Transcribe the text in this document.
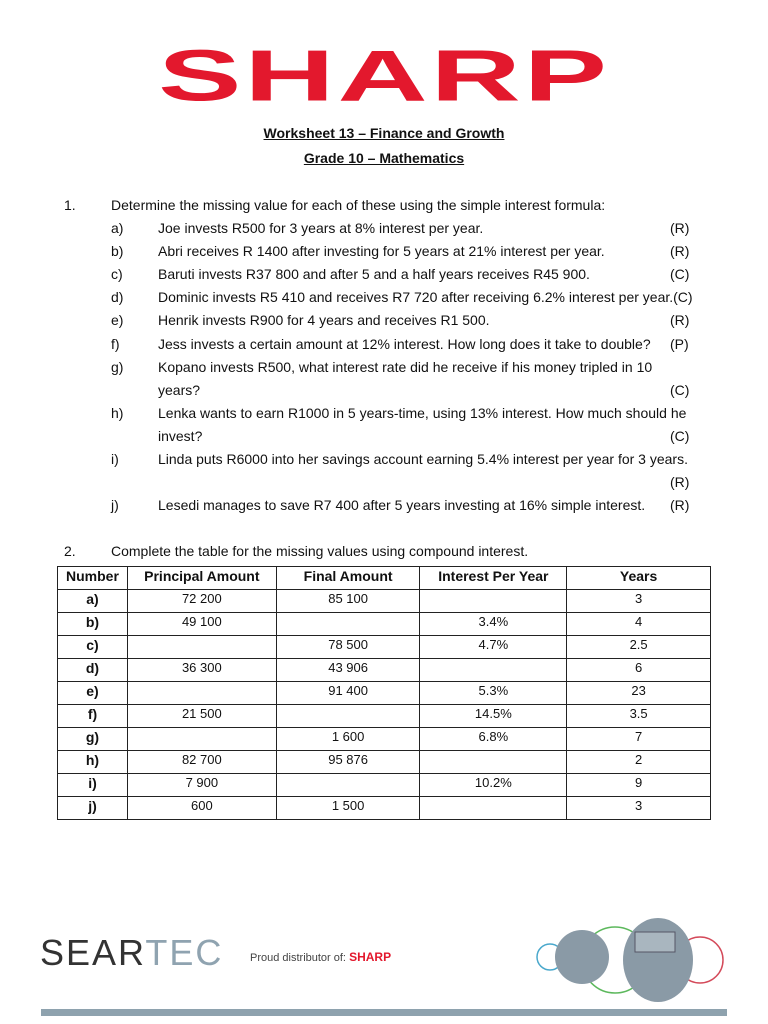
SHARP
Worksheet 13 – Finance and Growth
Grade 10 – Mathematics
1.	Determine the missing value for each of these using the simple interest formula:
a) Joe invests R500 for 3 years at 8% interest per year.	(R)
b) Abri receives R 1400 after investing for 5 years at 21% interest per year.	(R)
c)	Baruti invests R37 800 and after 5 and a half years receives R45 900.	(C)
d) Dominic invests R5 410 and receives R7 720 after receiving 6.2% interest per year.(C)
e) Henrik invests R900 for 4 years and receives R1 500.	(R)
f)	Jess invests a certain amount at 12% interest. How long does it take to double? (P)
g) Kopano invests R500, what interest rate did he receive if his money tripled in 10
years?	(C)
h) Lenka wants to earn R1000 in 5 years-time, using 13% interest. How much should he
invest?	(C)
i)	Linda puts R6000 into her savings account earning 5.4% interest per year for 3 years.
(R)
j)	Lesedi manages to save R7 400 after 5 years investing at 16% simple interest. (R)
2.	Complete the table for the missing values using compound interest.
Number	Principal Amount	Final Amount	Interest Per Year	Years
a)	72 200	85 100		3
b)	49 100		3.4%	4
c)		78 500	4.7%	2.5
d)	36 300	43 906		6
e)		91 400	5.3%	23
f)	21 500		14.5%	3.5
g)		1 600	6.8%	7
h)	82 700	95 876		2
i)	7 900		10.2%	9
j)	600	1 500		3
SEARTEC Proud distributor of: SHARP
